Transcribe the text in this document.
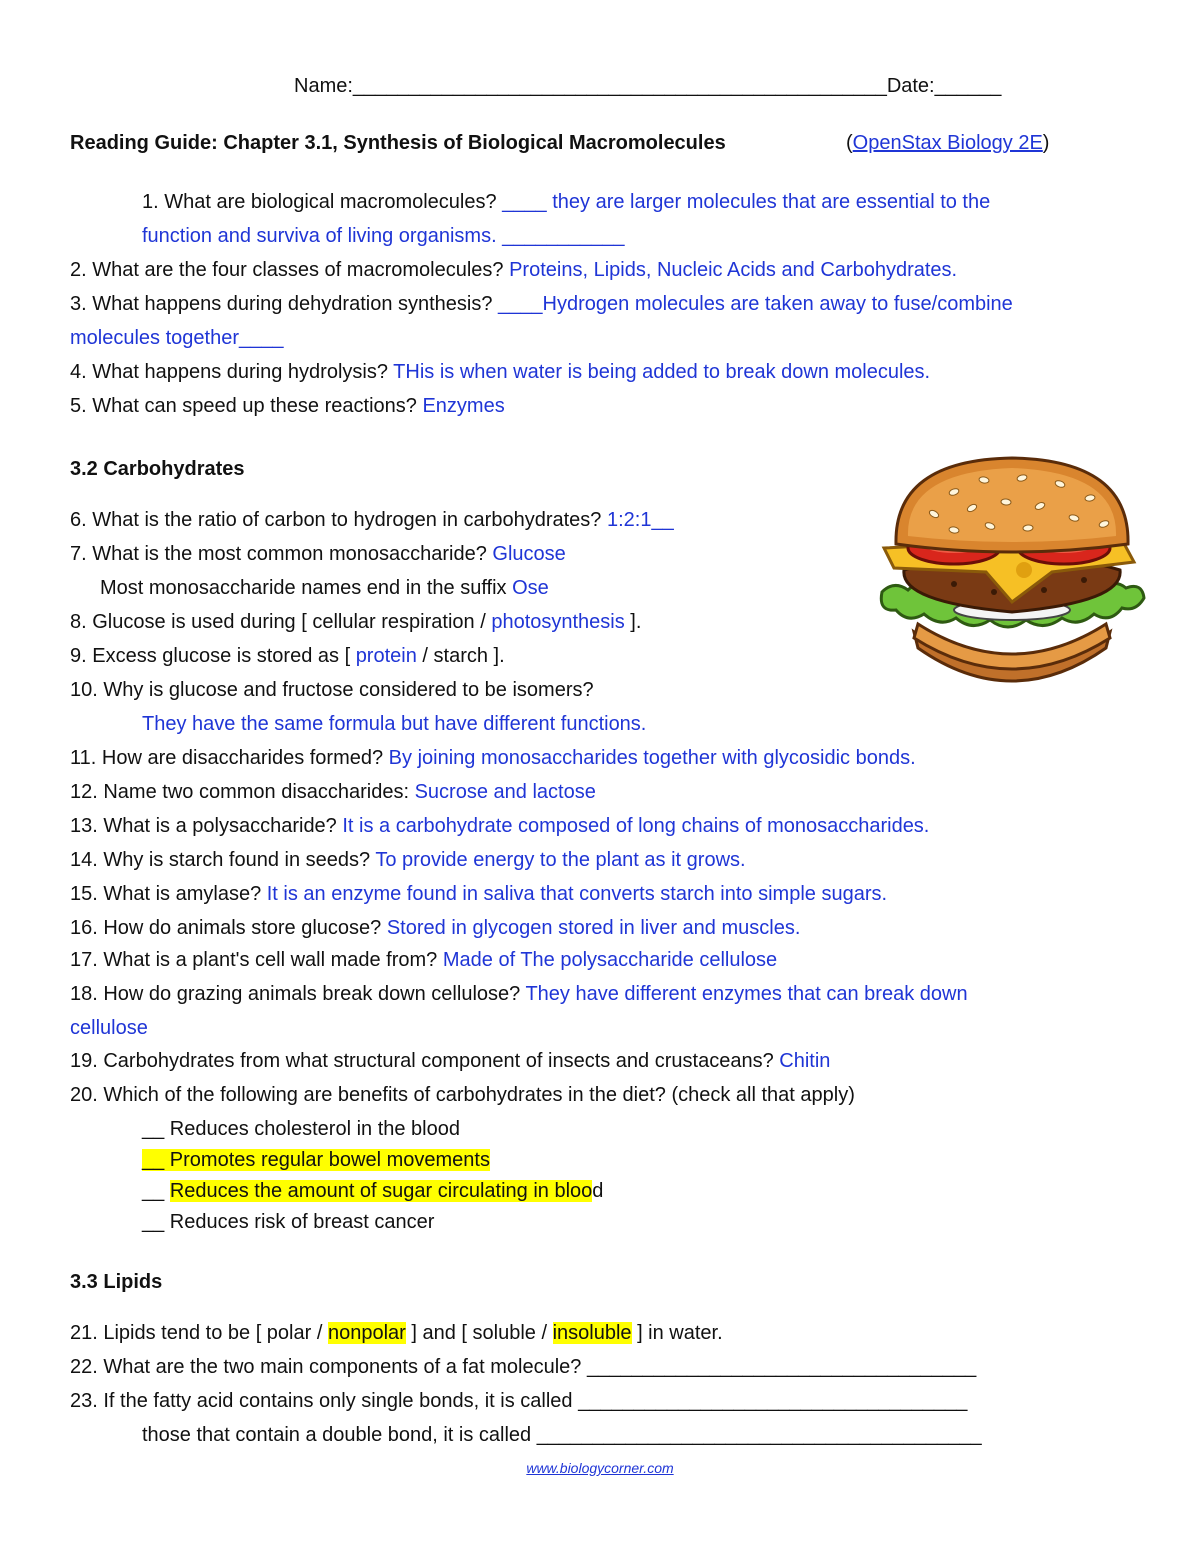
Name:________________________________________________Date:______
Reading Guide: Chapter 3.1, Synthesis of Biological Macromolecules	(OpenStax Biology 2E)
1. What are biological macromolecules? ____ they are larger molecules that are essential to the
function and surviva of living organisms. ___________
2. What are the four classes of macromolecules? Proteins, Lipids, Nucleic Acids and Carbohydrates.
3. What happens during dehydration synthesis? ____Hydrogen molecules are taken away to fuse/combine
molecules together____
4. What happens during hydrolysis? THis is when water is being added to break down molecules.
5. What can speed up these reactions? Enzymes
3.2 Carbohydrates
6. What is the ratio of carbon to hydrogen in carbohydrates? 1:2:1__
7. What is the most common monosaccharide? Glucose
Most monosaccharide names end in the suffix Ose
8. Glucose is used during [ cellular respiration / photosynthesis ].
9. Excess glucose is stored as [ protein / starch ].
10. Why is glucose and fructose considered to be isomers?
They have the same formula but have different functions.
11. How are disaccharides formed? By joining monosaccharides together with glycosidic bonds.
12. Name two common disaccharides: Sucrose and lactose
13. What is a polysaccharide? It is a carbohydrate composed of long chains of monosaccharides.
14. Why is starch found in seeds? To provide energy to the plant as it grows.
15. What is amylase? It is an enzyme found in saliva that converts starch into simple sugars.
16. How do animals store glucose? Stored in glycogen stored in liver and muscles.
17. What is a plant's cell wall made from? Made of The polysaccharide cellulose
18. How do grazing animals break down cellulose? They have different enzymes that can break down
cellulose
19. Carbohydrates from what structural component of insects and crustaceans? Chitin
20. Which of the following are benefits of carbohydrates in the diet? (check all that apply)
__ Reduces cholesterol in the blood
__ Promotes regular bowel movements
__ Reduces the amount of sugar circulating in blood
__ Reduces risk of breast cancer
3.3 Lipids
21. Lipids tend to be [ polar / nonpolar ] and [ soluble / insoluble ] in water.
22. What are the two main components of a fat molecule? ___________________________________
23. If the fatty acid contains only single bonds, it is called ___________________________________
those that contain a double bond, it is called ________________________________________
www.biologycorner.com
